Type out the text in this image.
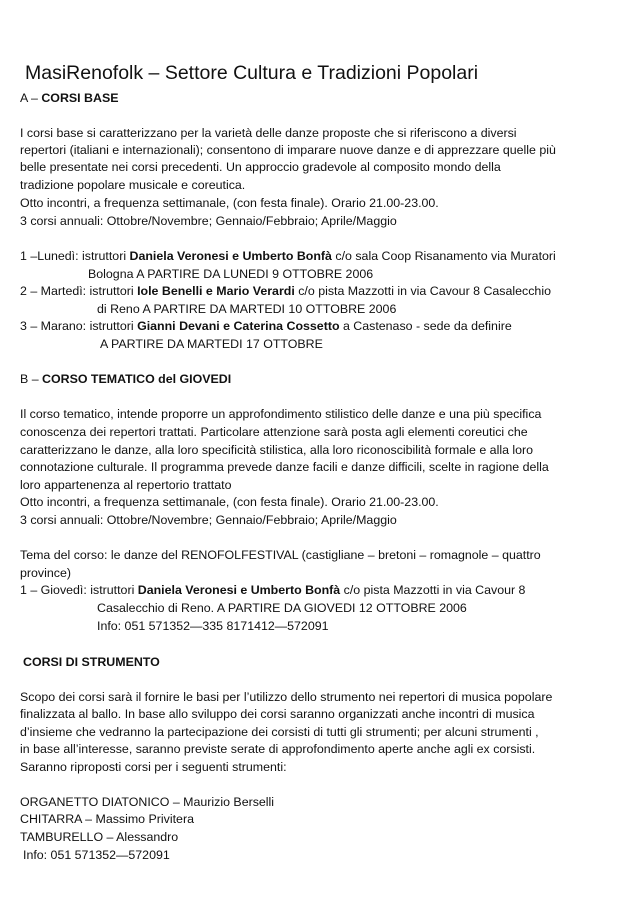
MasiRenofolk – Settore Cultura e Tradizioni Popolari
A – CORSI BASE
I corsi base si caratterizzano per la varietà delle danze proposte che si riferiscono a diversi
repertori (italiani e internazionali); consentono di imparare nuove danze e di apprezzare quelle più
belle presentate nei corsi precedenti. Un approccio gradevole al composito mondo della
tradizione popolare musicale e coreutica.
Otto incontri, a frequenza settimanale, (con festa finale). Orario 21.00-23.00.
3 corsi annuali: Ottobre/Novembre; Gennaio/Febbraio; Aprile/Maggio
1 –Lunedì: istruttori Daniela Veronesi e Umberto Bonfà c/o sala Coop Risanamento via Muratori
Bologna A PARTIRE DA LUNEDI 9 OTTOBRE 2006
2 – Martedì: istruttori Iole Benelli e Mario Verardi c/o pista Mazzotti in via Cavour 8 Casalecchio
di Reno A PARTIRE DA MARTEDI 10 OTTOBRE 2006
3 – Marano: istruttori Gianni Devani e Caterina Cossetto a Castenaso - sede da definire
A PARTIRE DA MARTEDI 17 OTTOBRE
B – CORSO TEMATICO del GIOVEDI
Il corso tematico, intende proporre un approfondimento stilistico delle danze e una più specifica
conoscenza dei repertori trattati. Particolare attenzione sarà posta agli elementi coreutici che
caratterizzano le danze, alla loro specificità stilistica, alla loro riconoscibilità formale e alla loro
connotazione culturale. Il programma prevede danze facili e danze difficili, scelte in ragione della
loro appartenenza al repertorio trattato
Otto incontri, a frequenza settimanale, (con festa finale). Orario 21.00-23.00.
3 corsi annuali: Ottobre/Novembre; Gennaio/Febbraio; Aprile/Maggio
Tema del corso: le danze del RENOFOLFESTIVAL (castigliane – bretoni – romagnole – quattro
province)
1 – Giovedì: istruttori Daniela Veronesi e Umberto Bonfà c/o pista Mazzotti in via Cavour 8
Casalecchio di Reno. A PARTIRE DA GIOVEDI 12 OTTOBRE 2006
Info: 051 571352—335 8171412—572091
CORSI DI STRUMENTO
Scopo dei corsi sarà il fornire le basi per l’utilizzo dello strumento nei repertori di musica popolare
finalizzata al ballo. In base allo sviluppo dei corsi saranno organizzati anche incontri di musica
d’insieme che vedranno la partecipazione dei corsisti di tutti gli strumenti; per alcuni strumenti ,
in base all’interesse, saranno previste serate di approfondimento aperte anche agli ex corsisti.
Saranno riproposti corsi per i seguenti strumenti:
ORGANETTO DIATONICO – Maurizio Berselli
CHITARRA – Massimo Privitera
TAMBURELLO – Alessandro
Info: 051 571352—572091
